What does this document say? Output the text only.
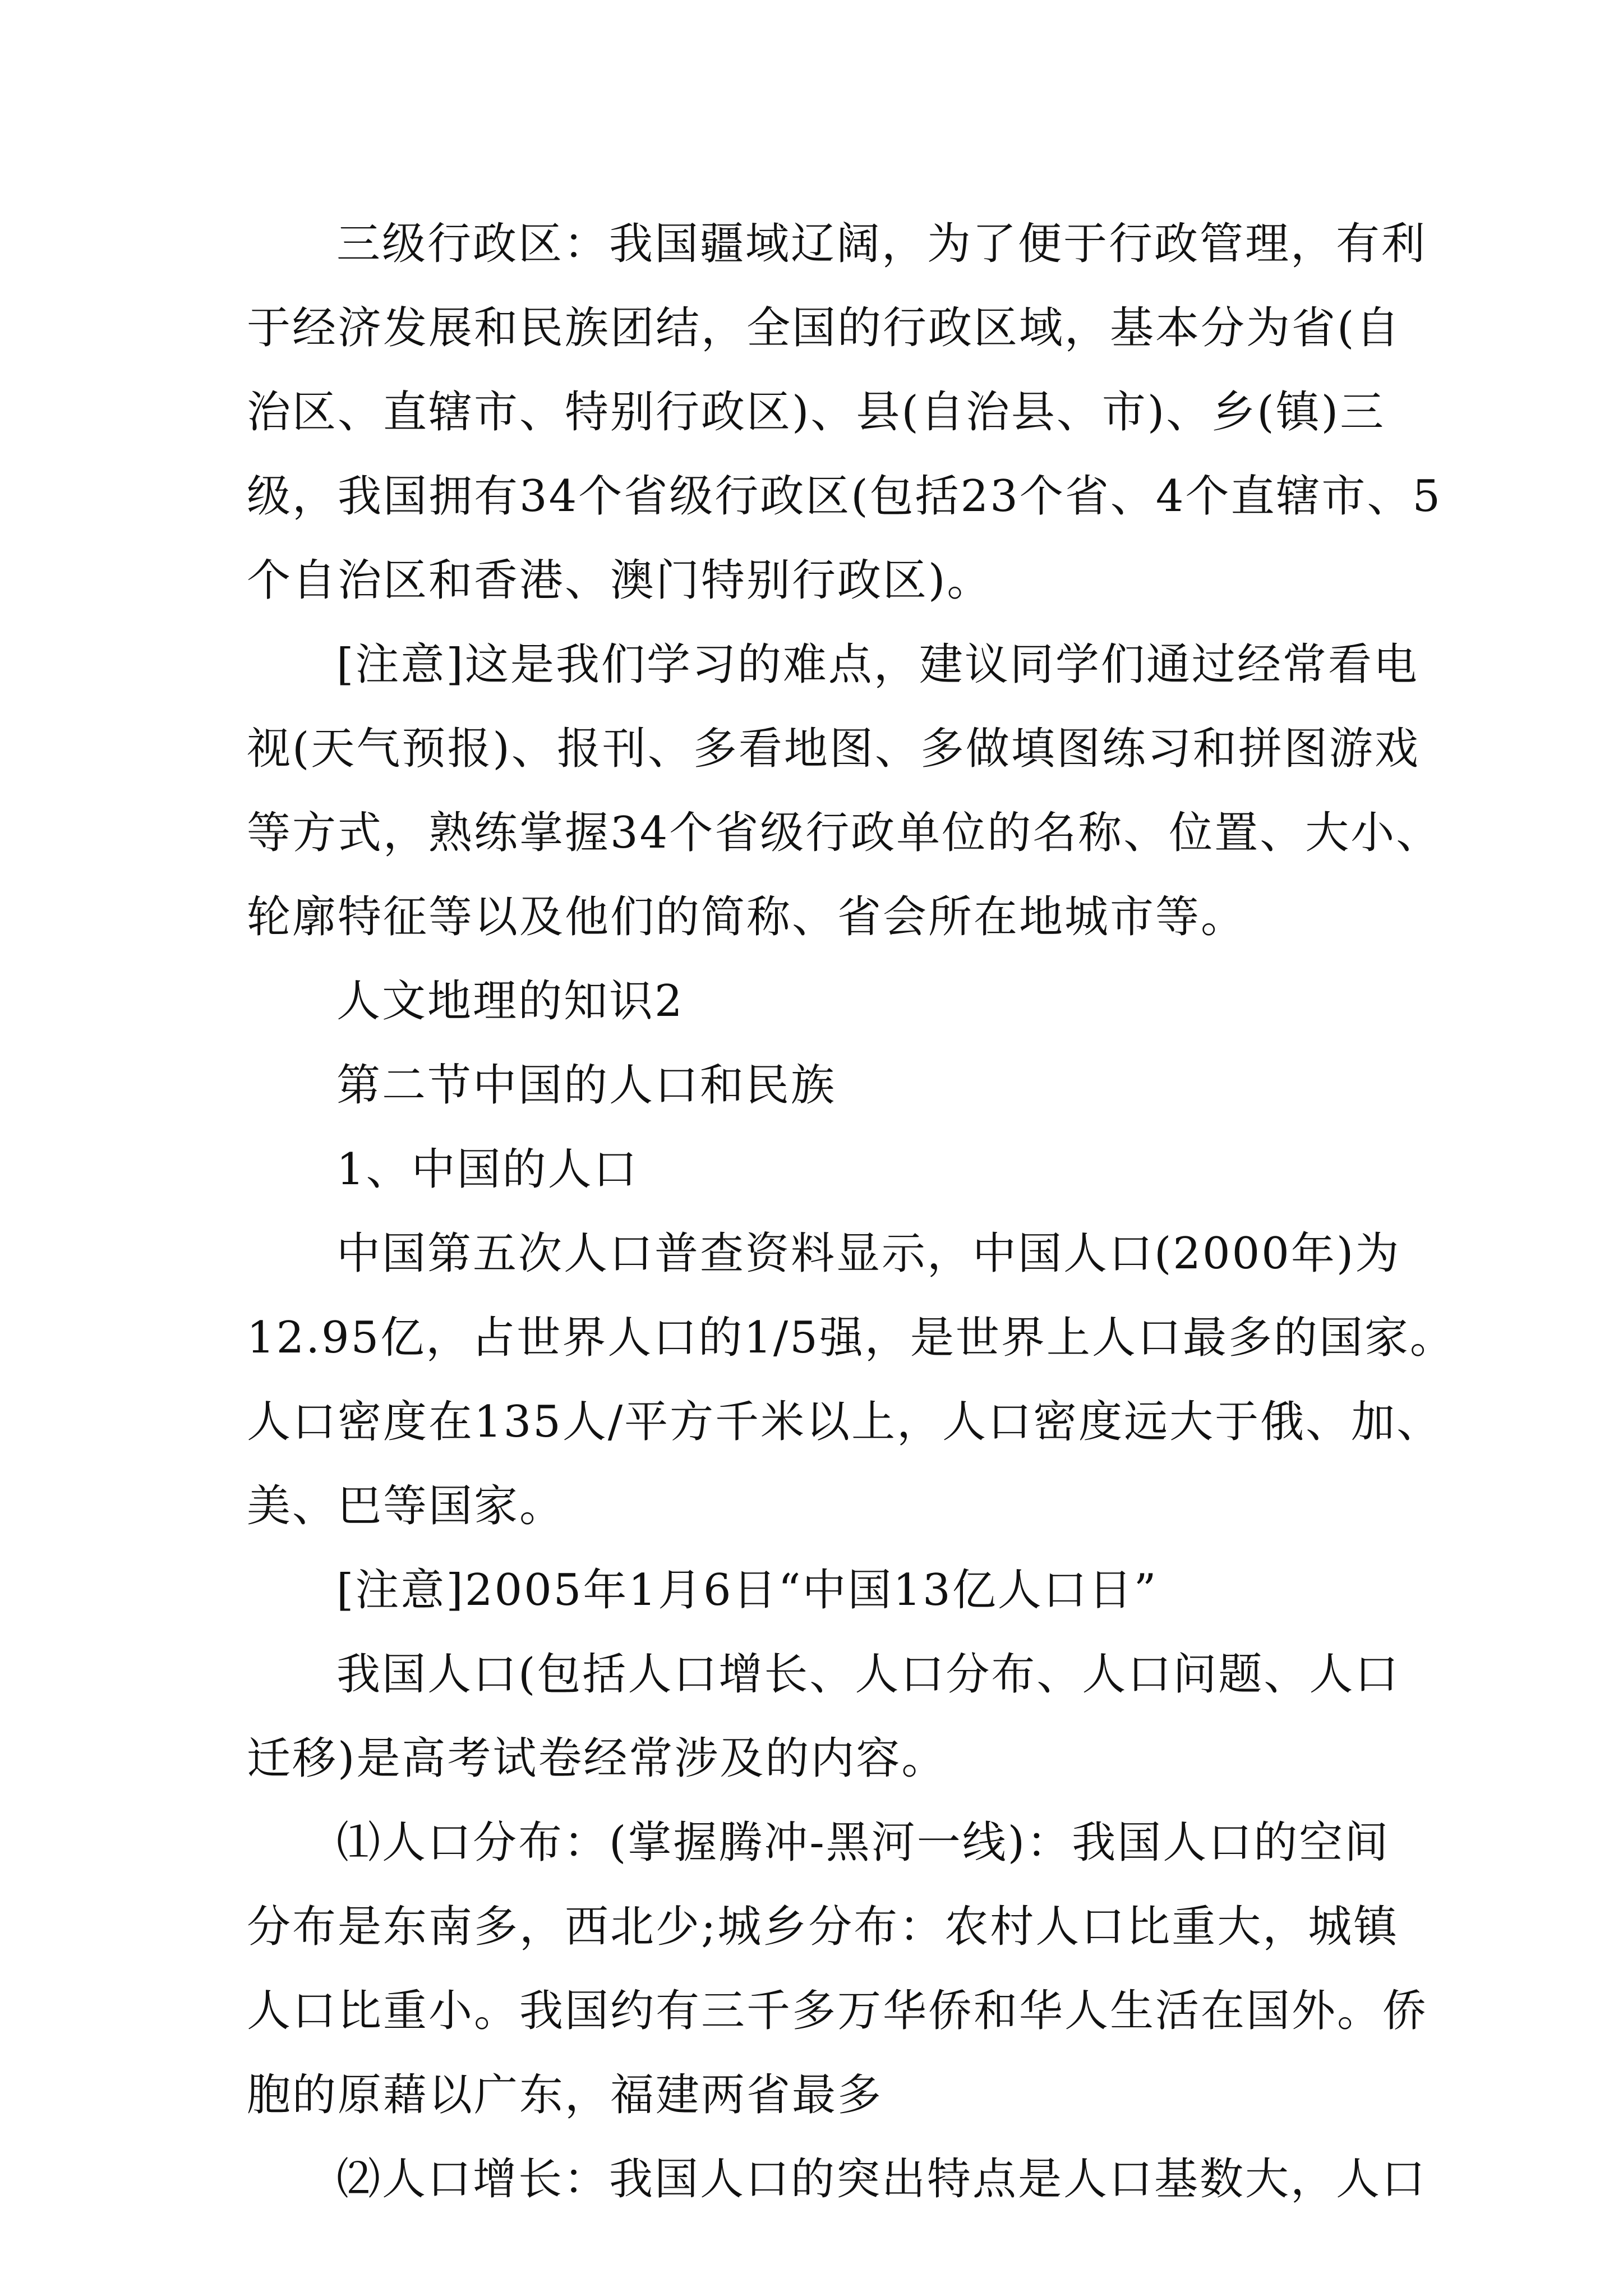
三级行政区：我国疆域辽阔，为了便于行政管理，有利
于经济发展和民族团结，全国的行政区域，基本分为省(自
治区、直辖市、特别行政区)、县(自治县、市)、乡(镇)三
级，我国拥有34个省级行政区(包括23个省、4个直辖市、5
个自治区和香港、澳门特别行政区)。
[注意]这是我们学习的难点，建议同学们通过经常看电
视(天气预报)、报刊、多看地图、多做填图练习和拼图游戏
等方式，熟练掌握34个省级行政单位的名称、位置、大小、
轮廓特征等以及他们的简称、省会所在地城市等。
人文地理的知识2
第二节中国的人口和民族
1、中国的人口
中国第五次人口普查资料显示，中国人口(2000年)为
12.95亿，占世界人口的1/5强，是世界上人口最多的国家。
人口密度在135人/平方千米以上，人口密度远大于俄、加、
美、巴等国家。
[注意]2005年1月6日“中国13亿人口日”
我国人口(包括人口增长、人口分布、人口问题、人口
迁移)是高考试卷经常涉及的内容。
⑴人口分布：(掌握腾冲-黑河一线)：我国人口的空间
分布是东南多，西北少;城乡分布：农村人口比重大，城镇
人口比重小。我国约有三千多万华侨和华人生活在国外。侨
胞的原藉以广东，福建两省最多
⑵人口增长：我国人口的突出特点是人口基数大，人口
